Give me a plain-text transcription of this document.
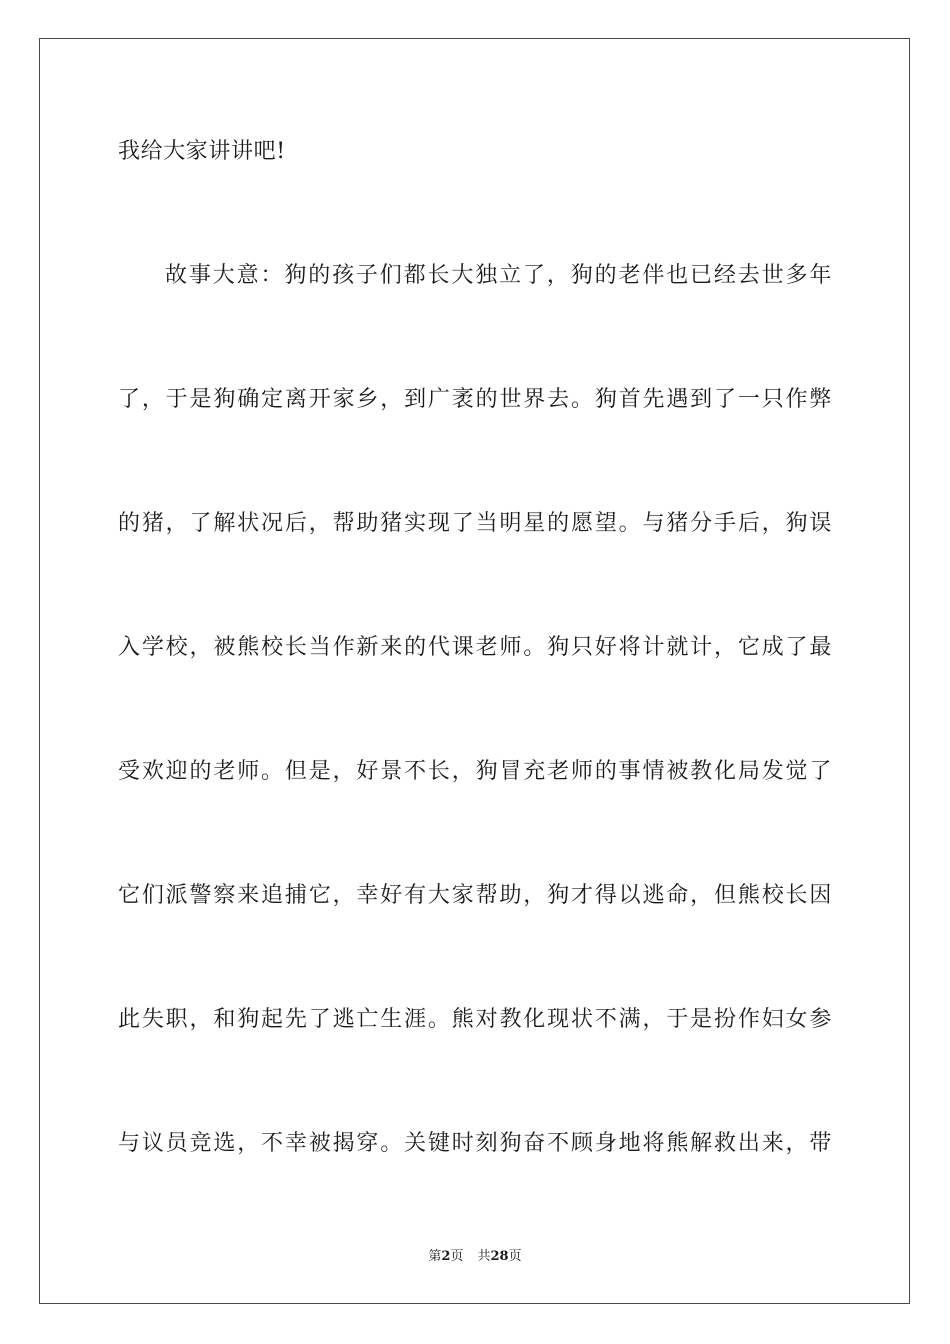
我给大家讲讲吧!
故事大意：狗的孩子们都长大独立了，狗的老伴也已经去世多年
了，于是狗确定离开家乡，到广袤的世界去。狗首先遇到了一只作弊
的猪，了解状况后，帮助猪实现了当明星的愿望。与猪分手后，狗误
入学校，被熊校长当作新来的代课老师。狗只好将计就计，它成了最
受欢迎的老师。但是，好景不长，狗冒充老师的事情被教化局发觉了
它们派警察来追捕它，幸好有大家帮助，狗才得以逃命，但熊校长因
此失职，和狗起先了逃亡生涯。熊对教化现状不满，于是扮作妇女参
与议员竞选，不幸被揭穿。关键时刻狗奋不顾身地将熊解救出来，带
第2页 共28页
